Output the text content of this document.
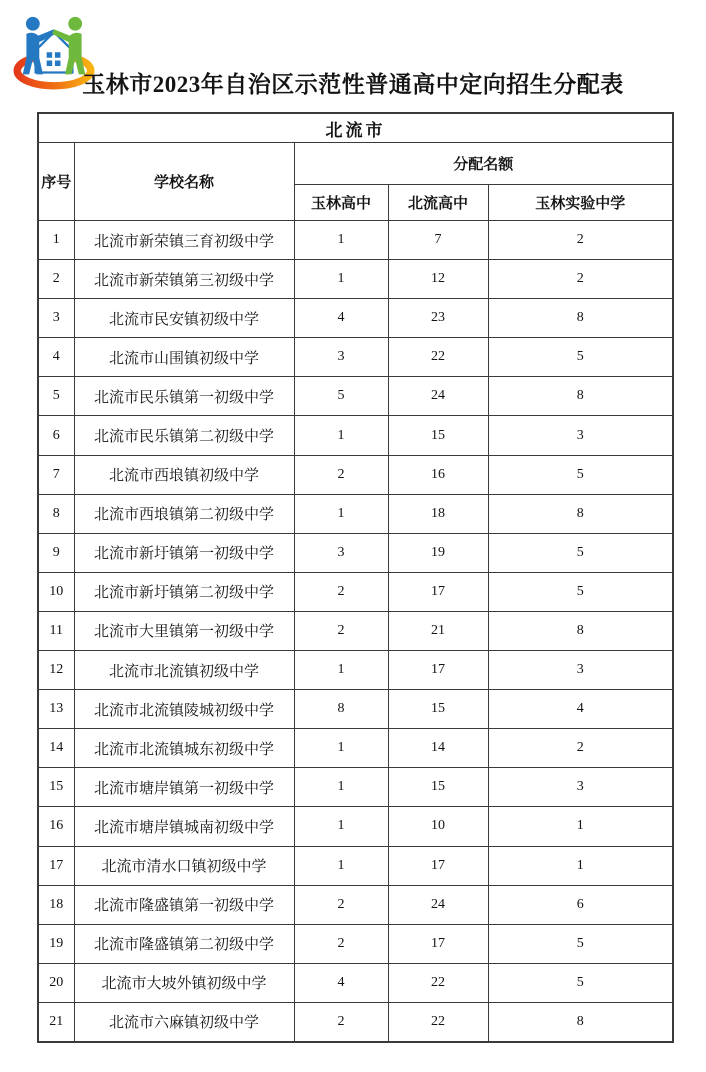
玉林市2023年自治区示范性普通高中定向招生分配表
北流市				
序号	学校名称	分配名额		
		玉林高中	北流高中	玉林实验中学
1	北流市新荣镇三育初级中学	1	7	2
2	北流市新荣镇第三初级中学	1	12	2
3	北流市民安镇初级中学	4	23	8
4	北流市山围镇初级中学	3	22	5
5	北流市民乐镇第一初级中学	5	24	8
6	北流市民乐镇第二初级中学	1	15	3
7	北流市西埌镇初级中学	2	16	5
8	北流市西埌镇第二初级中学	1	18	8
9	北流市新圩镇第一初级中学	3	19	5
10	北流市新圩镇第二初级中学	2	17	5
11	北流市大里镇第一初级中学	2	21	8
12	北流市北流镇初级中学	1	17	3
13	北流市北流镇陵城初级中学	8	15	4
14	北流市北流镇城东初级中学	1	14	2
15	北流市塘岸镇第一初级中学	1	15	3
16	北流市塘岸镇城南初级中学	1	10	1
17	北流市清水口镇初级中学	1	17	1
18	北流市隆盛镇第一初级中学	2	24	6
19	北流市隆盛镇第二初级中学	2	17	5
20	北流市大坡外镇初级中学	4	22	5
21	北流市六麻镇初级中学	2	22	8
